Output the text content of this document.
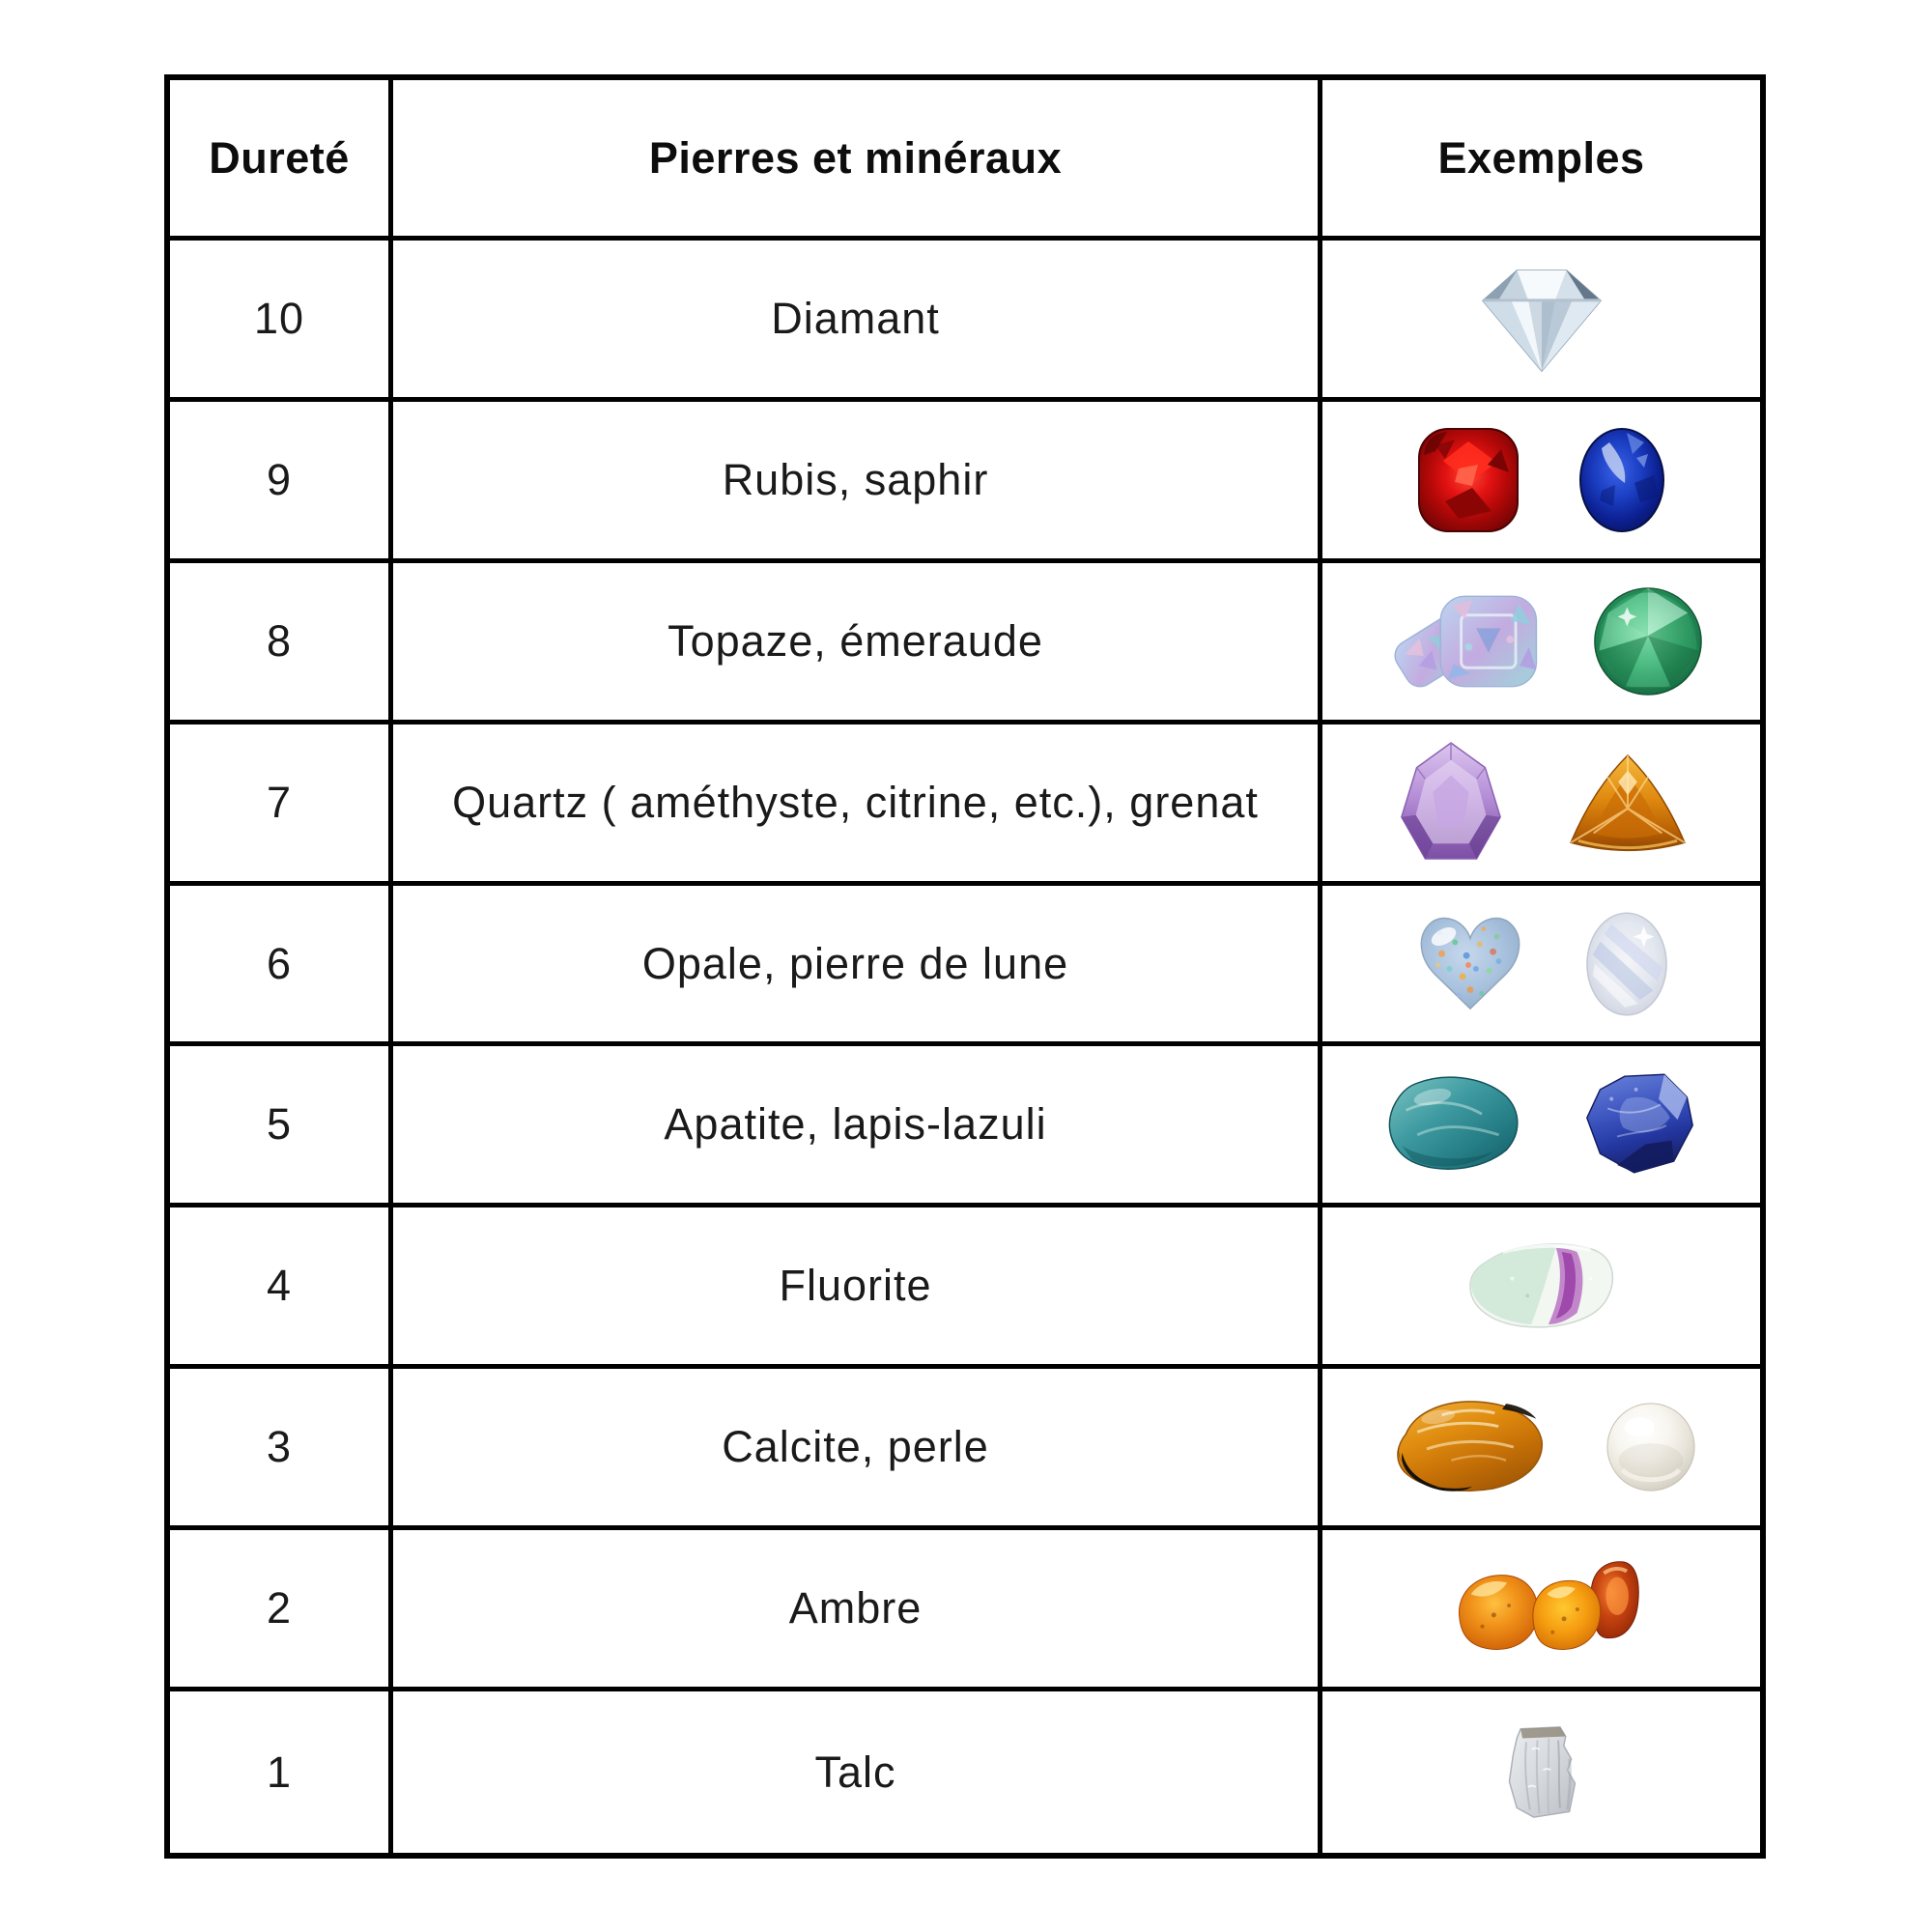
Dureté	Pierres et minéraux	Exemples
10	Diamant
9	Rubis, saphir
8	Topaze, émeraude
7	Quartz ( améthyste, citrine, etc.), grenat
6	Opale, pierre de lune
5	Apatite, lapis-lazuli
4	Fluorite
3	Calcite, perle
2	Ambre
1	Talc
